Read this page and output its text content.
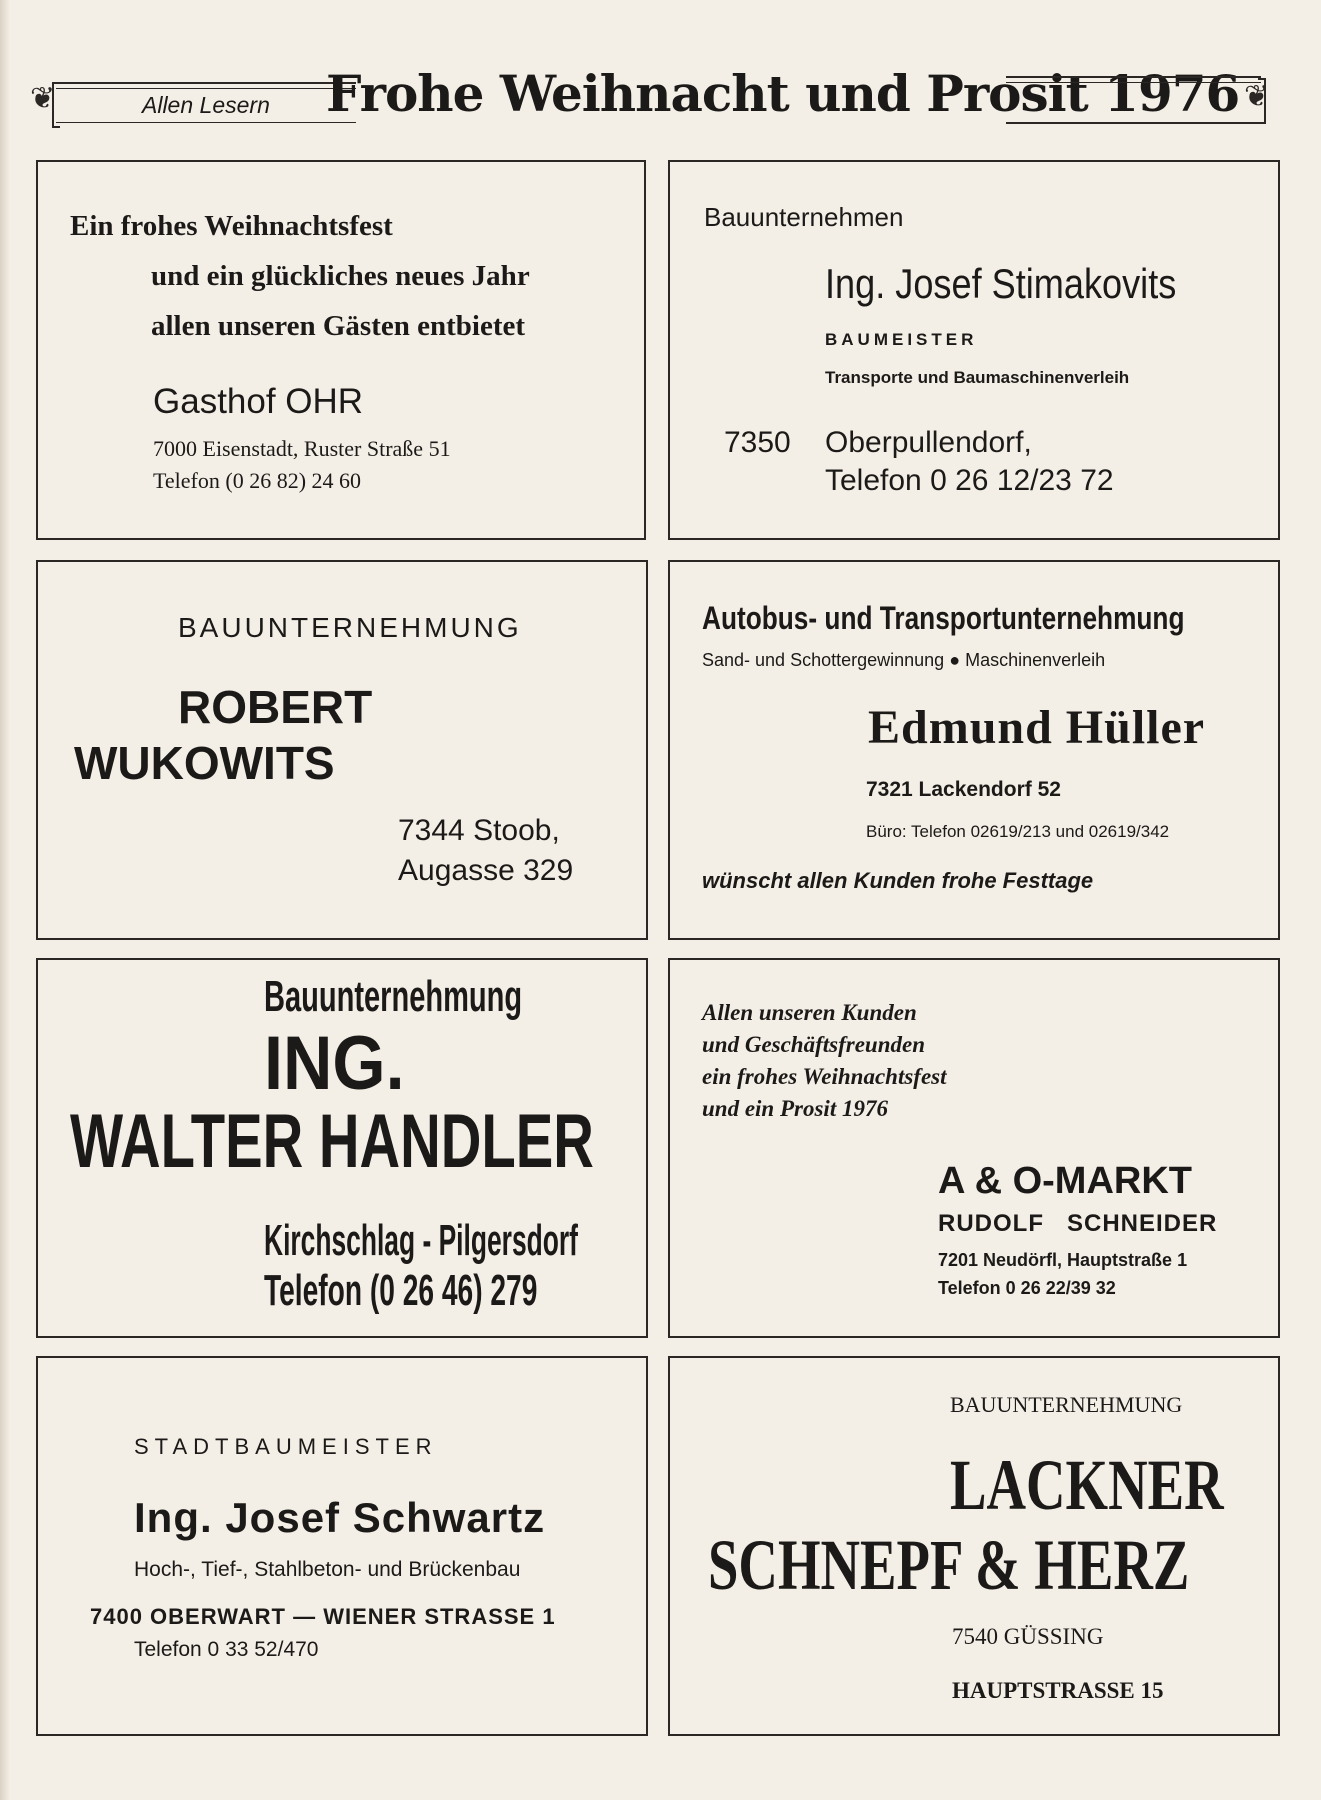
❦	Allen Lesern Frohe Weihnacht und Prosit 1976 ❦
Ein frohes Weihnachtsfest
und ein glückliches neues Jahr
allen unseren Gästen entbietet
Gasthof OHR
7000 Eisenstadt, Ruster Straße 51
Telefon (0 26 82) 24 60
Bauunternehmen
Ing. Josef Stimakovits
BAUMEISTER
Transporte und Baumaschinenverleih
7350 Oberpullendorf,
Telefon 0 26 12/23 72
BAUUNTERNEHMUNG
ROBERT
WUKOWITS
7344 Stoob,
Augasse 329
Autobus- und Transportunternehmung
Sand- und Schottergewinnung ● Maschinenverleih
Edmund Hüller
7321 Lackendorf 52
Büro: Telefon 02619/213 und 02619/342
wünscht allen Kunden frohe Festtage
Bauunternehmung
ING.
WALTER HANDLER
Kirchschlag - Pilgersdorf
Telefon (0 26 46) 279
Allen unseren Kunden
und Geschäftsfreunden
ein frohes Weihnachtsfest
und ein Prosit 1976
A & O-MARKT
RUDOLF   SCHNEIDER
7201 Neudörfl, Hauptstraße 1
Telefon 0 26 22/39 32
STADTBAUMEISTER
Ing. Josef Schwartz
Hoch-, Tief-, Stahlbeton- und Brückenbau
7400 OBERWART — WIENER STRASSE 1
Telefon 0 33 52/470
BAUUNTERNEHMUNG
LACKNER
SCHNEPF & HERZ
7540 GÜSSING
HAUPTSTRASSE 15
